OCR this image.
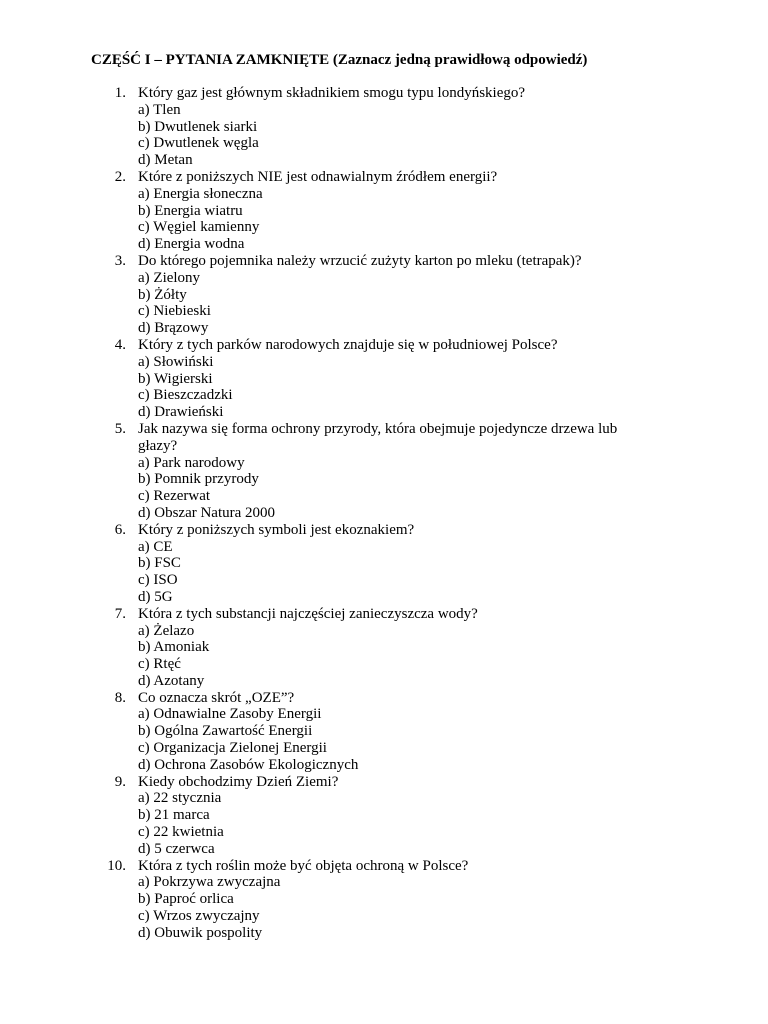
CZĘŚĆ I – PYTANIA ZAMKNIĘTE (Zaznacz jedną prawidłową odpowiedź)
1. Który gaz jest głównym składnikiem smogu typu londyńskiego?
a) Tlen
b) Dwutlenek siarki
c) Dwutlenek węgla
d) Metan
2. Które z poniższych NIE jest odnawialnym źródłem energii?
a) Energia słoneczna
b) Energia wiatru
c) Węgiel kamienny
d) Energia wodna
3. Do którego pojemnika należy wrzucić zużyty karton po mleku (tetrapak)?
a) Zielony
b) Żółty
c) Niebieski
d) Brązowy
4. Który z tych parków narodowych znajduje się w południowej Polsce?
a) Słowiński
b) Wigierski
c) Bieszczadzki
d) Drawieński
5. Jak nazywa się forma ochrony przyrody, która obejmuje pojedyncze drzewa lub głazy?
a) Park narodowy
b) Pomnik przyrody
c) Rezerwat
d) Obszar Natura 2000
6. Który z poniższych symboli jest ekoznakiem?
a) CE
b) FSC
c) ISO
d) 5G
7. Która z tych substancji najczęściej zanieczyszcza wody?
a) Żelazo
b) Amoniak
c) Rtęć
d) Azotany
8. Co oznacza skrót „OZE”?
a) Odnawialne Zasoby Energii
b) Ogólna Zawartość Energii
c) Organizacja Zielonej Energii
d) Ochrona Zasobów Ekologicznych
9. Kiedy obchodzimy Dzień Ziemi?
a) 22 stycznia
b) 21 marca
c) 22 kwietnia
d) 5 czerwca
10. Która z tych roślin może być objęta ochroną w Polsce?
a) Pokrzywa zwyczajna
b) Paproć orlica
c) Wrzos zwyczajny
d) Obuwik pospolity
